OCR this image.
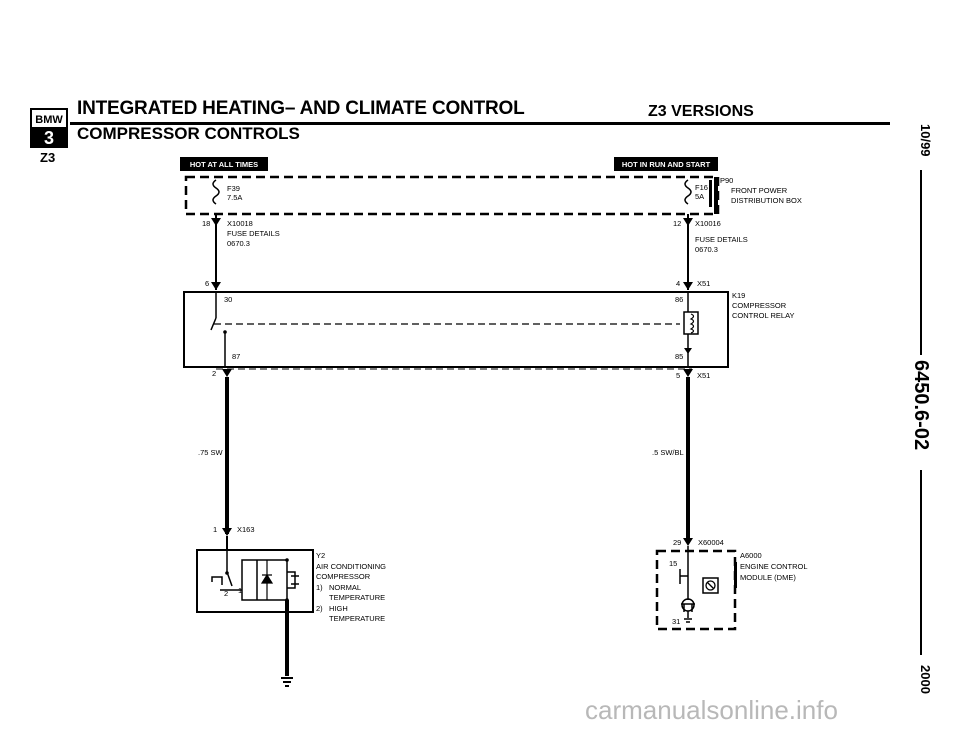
BMW
3
Z3
INTEGRATED HEATING– AND CLIMATE CONTROL
COMPRESSOR CONTROLS
Z3 VERSIONS
10/99
6450.6-02
2000
HOT AT ALL TIMES	HOT IN RUN AND START
P90
FRONT POWER
DISTRIBUTION BOX
F39
7.5A
F16
5A
18 X10018
FUSE DETAILS
0670.3
6
12 X10016
FUSE DETAILS
0670.3
4 X51
K19
COMPRESSOR
CONTROL RELAY
30	86
87	85
2	5 X51
.75 SW	.5 SW/BL
1	X163
Y2
AIR CONDITIONING
COMPRESSOR
1) NORMAL
TEMPERATURE
2) HIGH
TEMPERATURE
2 1
29 X60004
A6000
ENGINE CONTROL
MODULE (DME)
15
31
carmanualsonline.info
